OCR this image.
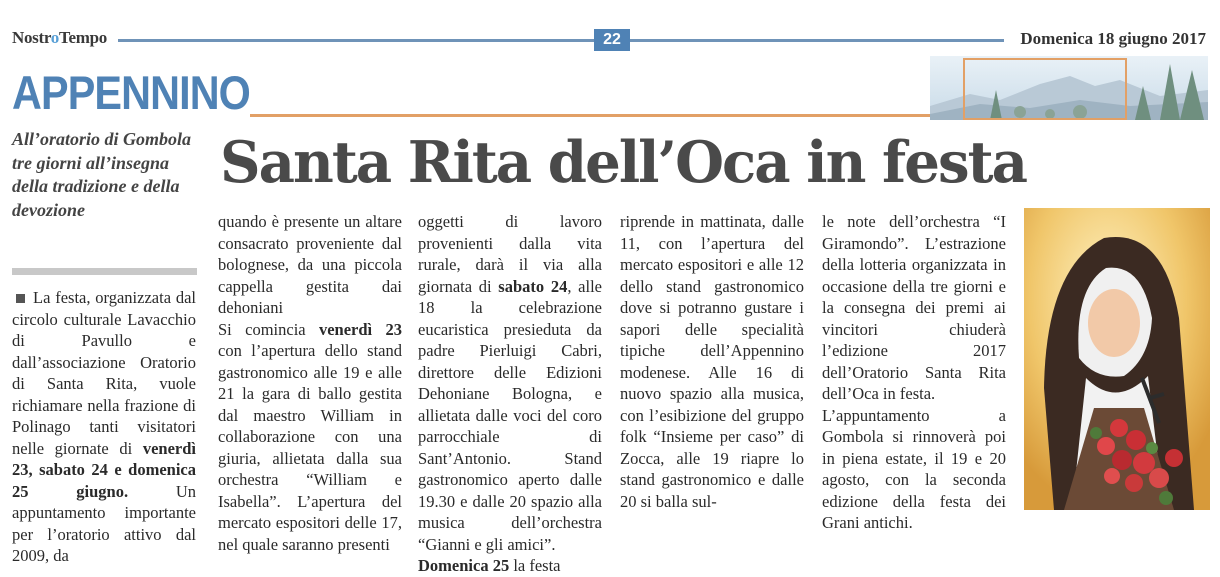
NostroTempo	22	Domenica 18 giugno 2017
APPENNINO
Santa Rita dell’Oca in festa
All’oratorio di Gombola tre giorni all’insegna della tradizione e della devozione

La festa, organizzata dal circolo culturale Lavacchio di Pavullo e dall’associazione Oratorio di Santa Rita, vuole richiamare nella frazione di Polinago tanti visitatori nelle giornate di venerdì 23, sabato 24 e domenica 25 giugno. Un appuntamento importante per l’oratorio attivo dal 2009, da

quando è presente un altare consacrato proveniente dal bolognese, da una piccola cappella gestita dai dehoniani

Si comincia venerdì 23 con l’apertura dello stand gastronomico alle 19 e alle 21 la gara di ballo gestita dal maestro William in collaborazione con una giuria, allietata dalla sua orchestra “William e Isabella”. L’apertura del mercato espositori delle 17, nel quale saranno presenti

oggetti di lavoro provenienti dalla vita rurale, darà il via alla giornata di sabato 24, alle 18 la celebrazione eucaristica presieduta da padre Pierluigi Cabri, direttore delle Edizioni Dehoniane Bologna, e allietata dalle voci del coro parrocchiale di Sant’Antonio. Stand gastronomico aperto dalle 19.30 e dalle 20 spazio alla musica dell’orchestra “Gianni e gli amici”.

Domenica 25 la festa

riprende in mattinata, dalle 11, con l’apertura del mercato espositori e alle 12 dello stand gastronomico dove si potranno gustare i sapori delle specialità tipiche dell’Appennino modenese. Alle 16 di nuovo spazio alla musica, con l’esibizione del gruppo folk “Insieme per caso” di Zocca, alle 19 riapre lo stand gastronomico e dalle 20 si balla sul-

le note dell’orchestra “I Giramondo”. L’estrazione della lotteria organizzata in occasione della tre giorni e la consegna dei premi ai vincitori chiuderà l’edizione 2017 dell’Oratorio Santa Rita dell’Oca in festa.

L’appuntamento a Gombola si rinnoverà poi in piena estate, il 19 e 20 agosto, con la seconda edizione della festa dei Grani antichi.
